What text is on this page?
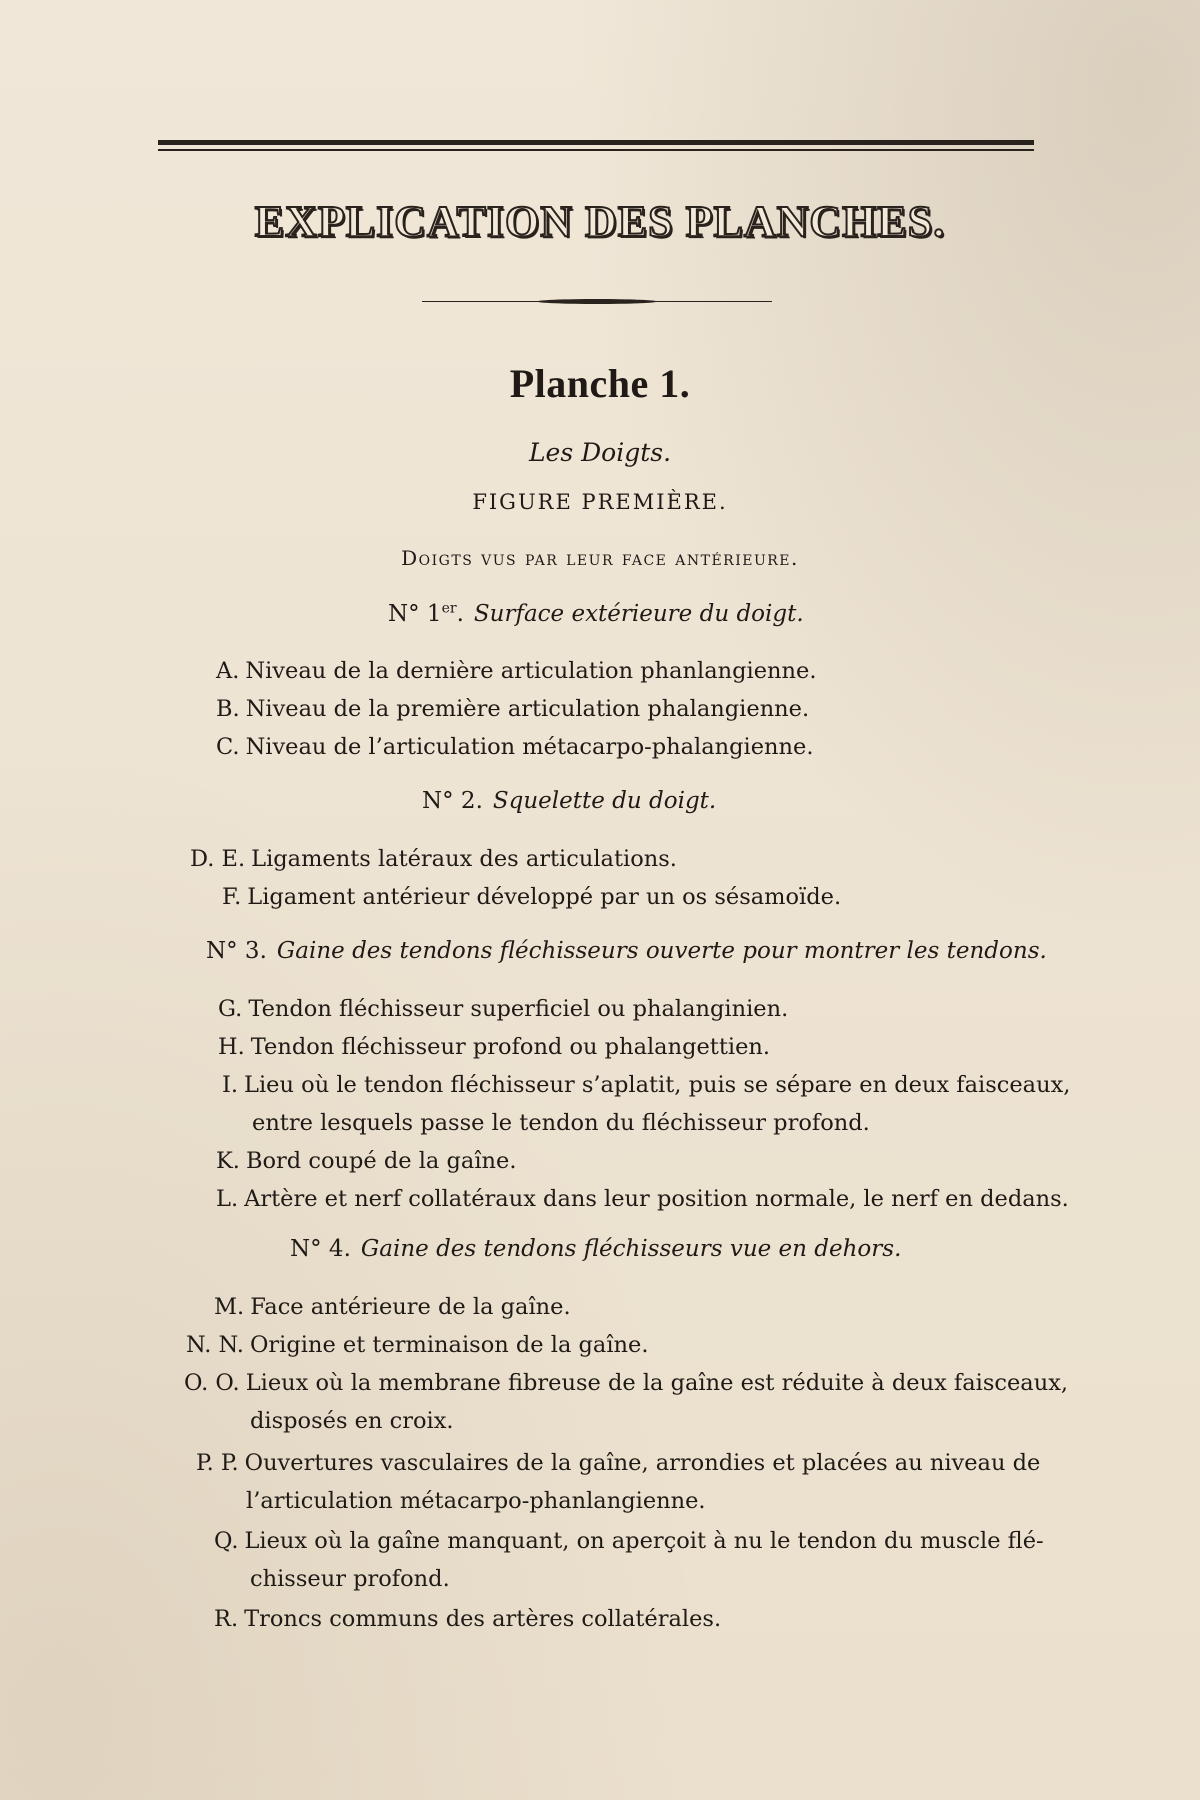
EXPLICATION DES PLANCHES.
Planche 1.

Les Doigts.

FIGURE PREMIÈRE.

Doigts vus par leur face antérieure.

N° 1er. Surface extérieure du doigt.

A. Niveau de la dernière articulation phanlangienne.

B. Niveau de la première articulation phalangienne.

C. Niveau de l’articulation métacarpo-phalangienne.

N° 2. Squelette du doigt.

D. E. Ligaments latéraux des articulations.

F. Ligament antérieur développé par un os sésamoïde.

N° 3. Gaine des tendons fléchisseurs ouverte pour montrer les tendons.

G. Tendon fléchisseur superficiel ou phalanginien.

H. Tendon fléchisseur profond ou phalangettien.

I. Lieu où le tendon fléchisseur s’aplatit, puis se sépare en deux faisceaux,

entre lesquels passe le tendon du fléchisseur profond.

K. Bord coupé de la gaîne.

L. Artère et nerf collatéraux dans leur position normale, le nerf en dedans.

N° 4. Gaine des tendons fléchisseurs vue en dehors.

M. Face antérieure de la gaîne.

N. N. Origine et terminaison de la gaîne.

O. O. Lieux où la membrane fibreuse de la gaîne est réduite à deux faisceaux,

disposés en croix.

P. P. Ouvertures vasculaires de la gaîne, arrondies et placées au niveau de

l’articulation métacarpo-phanlangienne.

Q. Lieux où la gaîne manquant, on aperçoit à nu le tendon du muscle flé-

chisseur profond.

R. Troncs communs des artères collatérales.
